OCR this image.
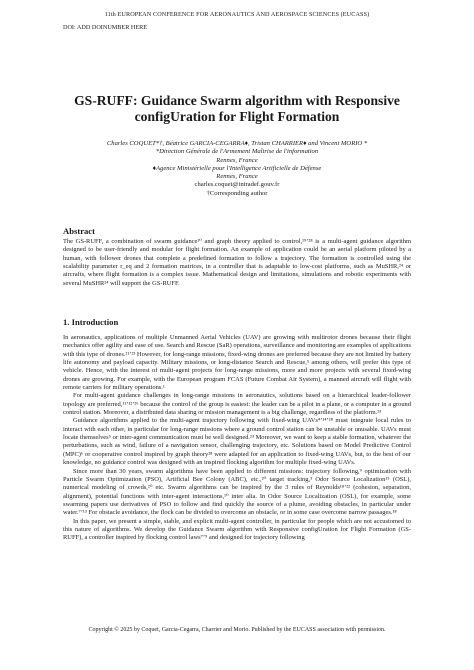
11th EUROPEAN CONFERENCE FOR AERONAUTICS AND AEROSPACE SCIENCES (EUCASS)
DOI: ADD DOINUMBER HERE
GS-RUFF: Guidance Swarm algorithm with Responsive
configUration for Flight Formation
Charles COQUET*†, Béatrice GARCIA-CEGARRA♦, Tristan CHARRIER♦ and Vincent MORIO *
*Direction Générale de l'Armement Maîtrise de l'information
Rennes, France
♦Agence Ministérielle pour l'Intelligence Artificielle de Défense
Rennes, France
charles.coquet@intradef.gouv.fr
†Corresponding author
Abstract

The GS-RUFF, a combination of swarm guidance¹⁰ and graph theory applied to control,¹⁹ʼ²⁸ is a multi-agent guidance algorithm designed to be user-friendly and modular for flight formation. An example of application could be an aerial platform piloted by a human, with follower drones that complete a predefined formation to follow a trajectory. The formation is controlled using the scalability parameter r_eq and 2 formation matrices, in a controller that is adaptable to low-cost platforms, such as MuSHR,²⁴ or aircrafts, where flight formation is a complex issue. Mathematical design and limitations, simulations and robotic experiments with several MuSHR²⁴ will support the GS-RUFF.

1. Introduction

In aeronautics, applications of multiple Unmanned Aerial Vehicles (UAV) are growing with multirotor drones because their flight mechanics offer agility and ease of use. Search and Rescue (SaR) operations, surveillance and monitoring are examples of applications with this type of drones.²¹ʼ²³ However, for long-range missions, fixed-wing drones are preferred because they are not limited by battery life autonomy and payload capacity. Military missions, or long-distance Search and Rescue,⁵ among others, will prefer this type of vehicle. Hence, with the interest of multi-agent projects for long-range missions, more and more projects with several fixed-wing drones are growing. For example, with the European program FCAS (Future Combat Air System), a manned aircraft will flight with remote carriers for military operations.¹

For multi-agent guidance challenges in long-range missions in aeronautics, solutions based on a hierarchical leader-follower topology are preferred,¹¹ʼ¹²ʼ²⁶ because the control of the group is easiest: the leader can be a pilot in a plane, or a computer in a ground control station. Moreover, a distributed data sharing or mission management is a big challenge, regardless of the platform.²³

Guidance algorithms applied to the multi-agent trajectory following with fixed-wing UAVs⁴ʼ¹⁴ʼ²⁸ must integrate local rules to interact with each other, in particular for long-range missions where a ground control station can be unstable or unusable. UAVs must locate themselves⁵ or inter-agent communication must be well designed.²³ Moreover, we want to keep a stable formation, whatever the perturbations, such as wind, failure of a navigation sensor, challenging trajectory, etc. Solutions based on Model Predictive Control (MPC)⁶ or cooperative control inspired by graph theory²⁸ were adapted for an application to fixed-wing UAVs, but, to the best of our knowledge, no guidance control was designed with an inspired flocking algorithm for multiple fixed-wing UAVs.

Since more than 30 years, swarm algorithms have been applied to different missions: trajectory following,⁹ optimization with Particle Swarm Optimization (PSO), Artificial Bee Colony (ABC), etc.,²⁰ target tracking,³ Odor Source Localization¹⁵ (OSL), numerical modeling of crowds,²⁰ etc. Swarm algorithms can be inspired by the 3 rules of Reynolds¹⁸ʼ²² (cohesion, separation, alignment), potential functions with inter-agent interactions,¹⁰ inter alia. In Odor Source Localization (OSL), for example, some swarming papers use derivatives of PSO to follow and find quickly the source of a plume, avoiding obstacles, in particular under water.⁷ʼ¹³ For obstacle avoidance, the flock can be divided to overcome an obstacle, or in some case overcome narrow passages.¹⁸

In this paper, we present a simple, stable, and explicit multi-agent controller, in particular for people which are not accustomed to this nature of algorithms. We develop the Guidance Swarm algorithm with Responsive configUration for Flight Formation (GS-RUFF), a controller inspired by flocking control laws⁷ʼ⁹ and designed for trajectory following

Copyright © 2025 by Coquet, Garcia-Cegarra, Charrier and Morio. Published by the EUCASS association with permission.
